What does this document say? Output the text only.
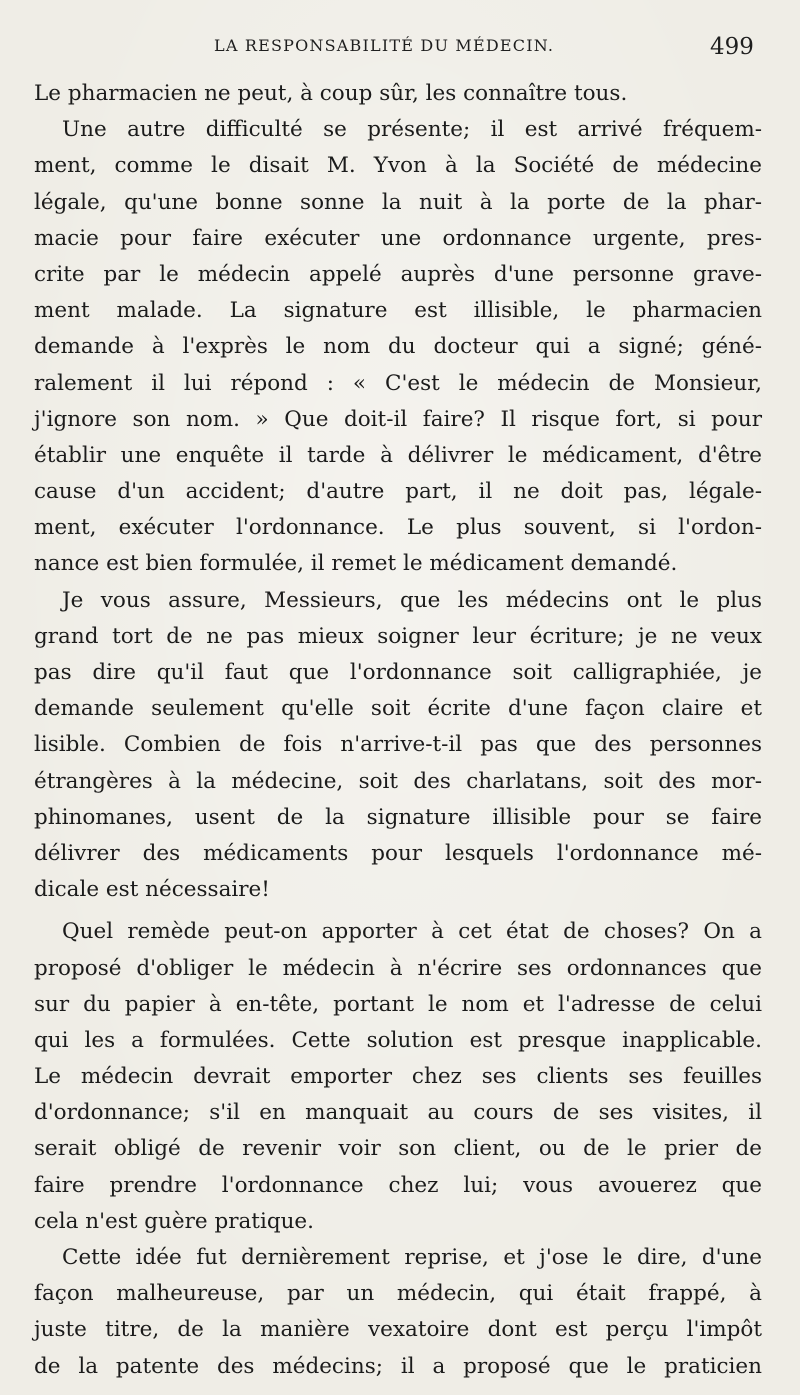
LA RESPONSABILITÉ DU MÉDECIN.	499
Le pharmacien ne peut, à coup sûr, les connaître tous.
Une autre difficulté se présente; il est arrivé fréquem-
ment, comme le disait M. Yvon à la Société de médecine
légale, qu'une bonne sonne la nuit à la porte de la phar-
macie pour faire exécuter une ordonnance urgente, pres-
crite par le médecin appelé auprès d'une personne grave-
ment malade. La signature est illisible, le pharmacien
demande à l'exprès le nom du docteur qui a signé; géné-
ralement il lui répond : « C'est le médecin de Monsieur,
j'ignore son nom. » Que doit-il faire? Il risque fort, si pour
établir une enquête il tarde à délivrer le médicament, d'être
cause d'un accident; d'autre part, il ne doit pas, légale-
ment, exécuter l'ordonnance. Le plus souvent, si l'ordon-
nance est bien formulée, il remet le médicament demandé.
Je vous assure, Messieurs, que les médecins ont le plus
grand tort de ne pas mieux soigner leur écriture; je ne veux
pas dire qu'il faut que l'ordonnance soit calligraphiée, je
demande seulement qu'elle soit écrite d'une façon claire et
lisible. Combien de fois n'arrive-t-il pas que des personnes
étrangères à la médecine, soit des charlatans, soit des mor-
phinomanes, usent de la signature illisible pour se faire
délivrer des médicaments pour lesquels l'ordonnance mé-
dicale est nécessaire!
Quel remède peut-on apporter à cet état de choses? On a
proposé d'obliger le médecin à n'écrire ses ordonnances que
sur du papier à en-tête, portant le nom et l'adresse de celui
qui les a formulées. Cette solution est presque inapplicable.
Le médecin devrait emporter chez ses clients ses feuilles
d'ordonnance; s'il en manquait au cours de ses visites, il
serait obligé de revenir voir son client, ou de le prier de
faire prendre l'ordonnance chez lui; vous avouerez que
cela n'est guère pratique.
Cette idée fut dernièrement reprise, et j'ose le dire, d'une
façon malheureuse, par un médecin, qui était frappé, à
juste titre, de la manière vexatoire dont est perçu l'impôt
de la patente des médecins; il a proposé que le praticien
